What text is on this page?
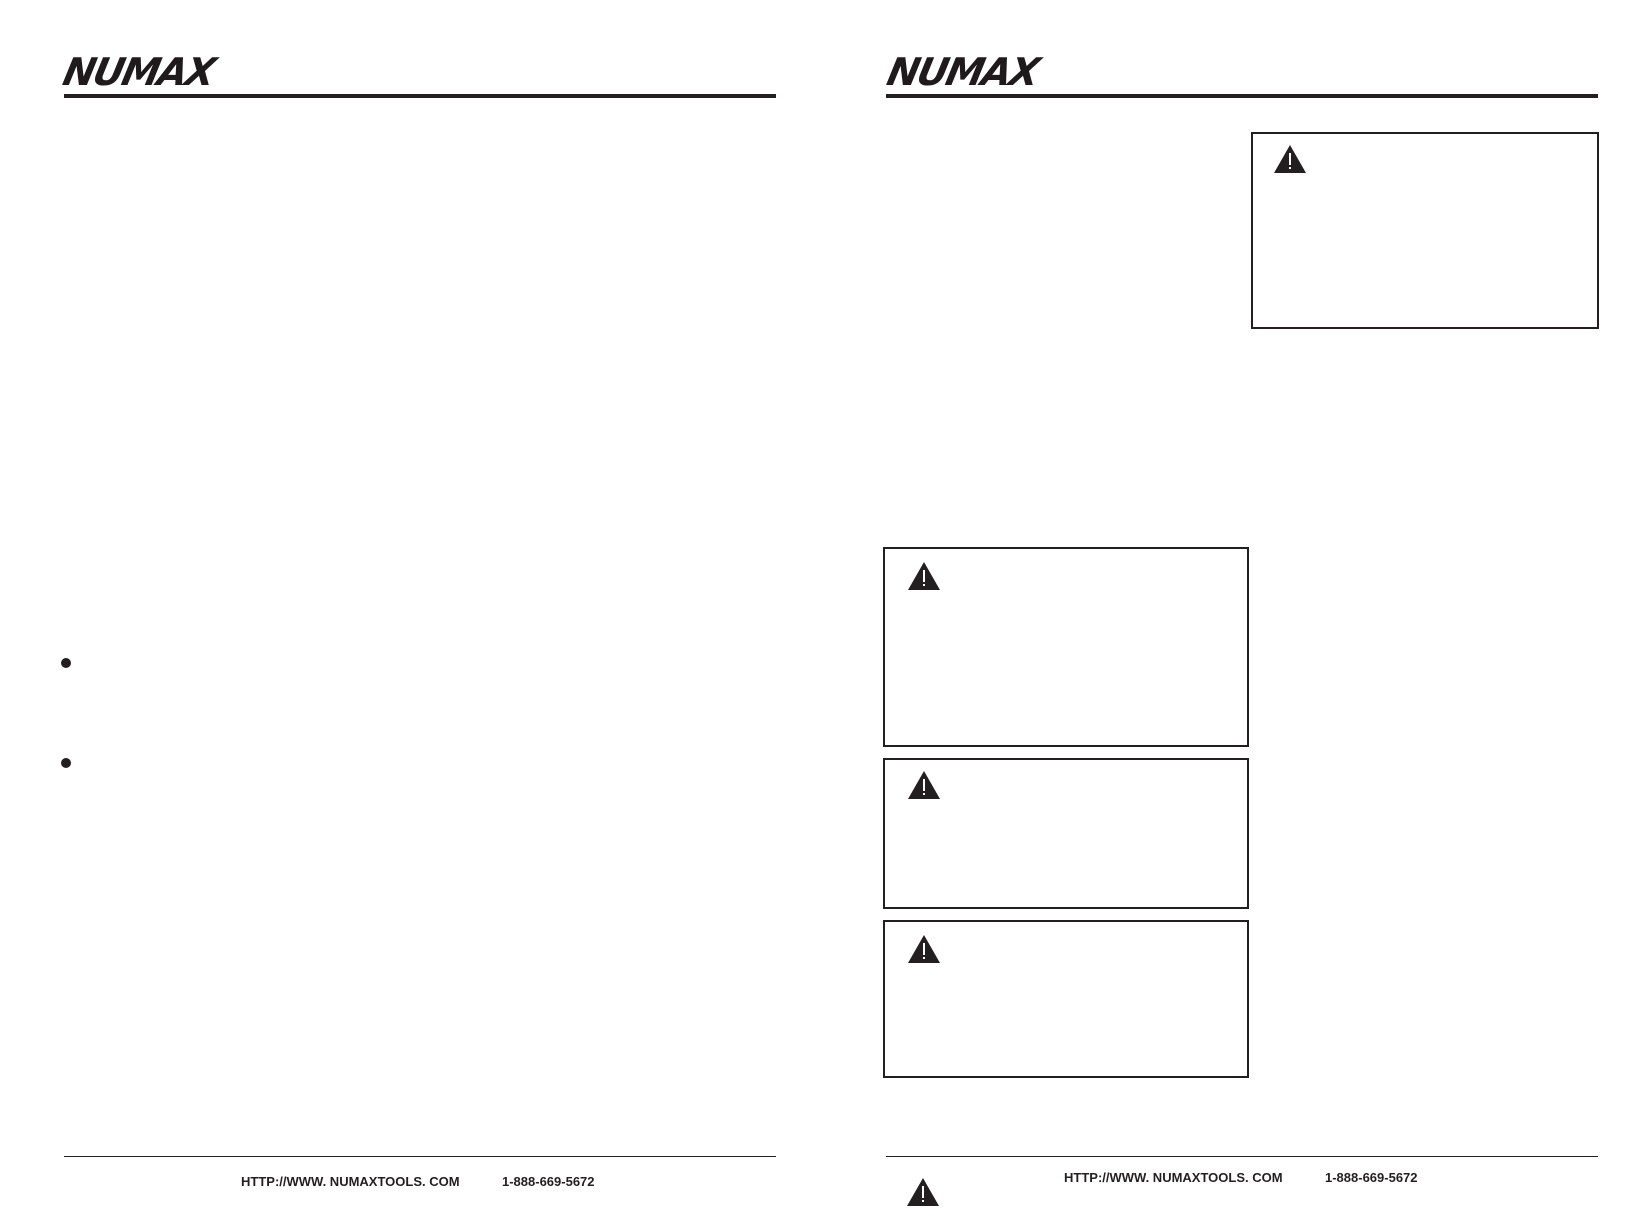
NUMAX
HTTP://WWW. NUMAXTOOLS. COM	1-888-669-5672
NUMAX
HTTP://WWW. NUMAXTOOLS. COM	1-888-669-5672
